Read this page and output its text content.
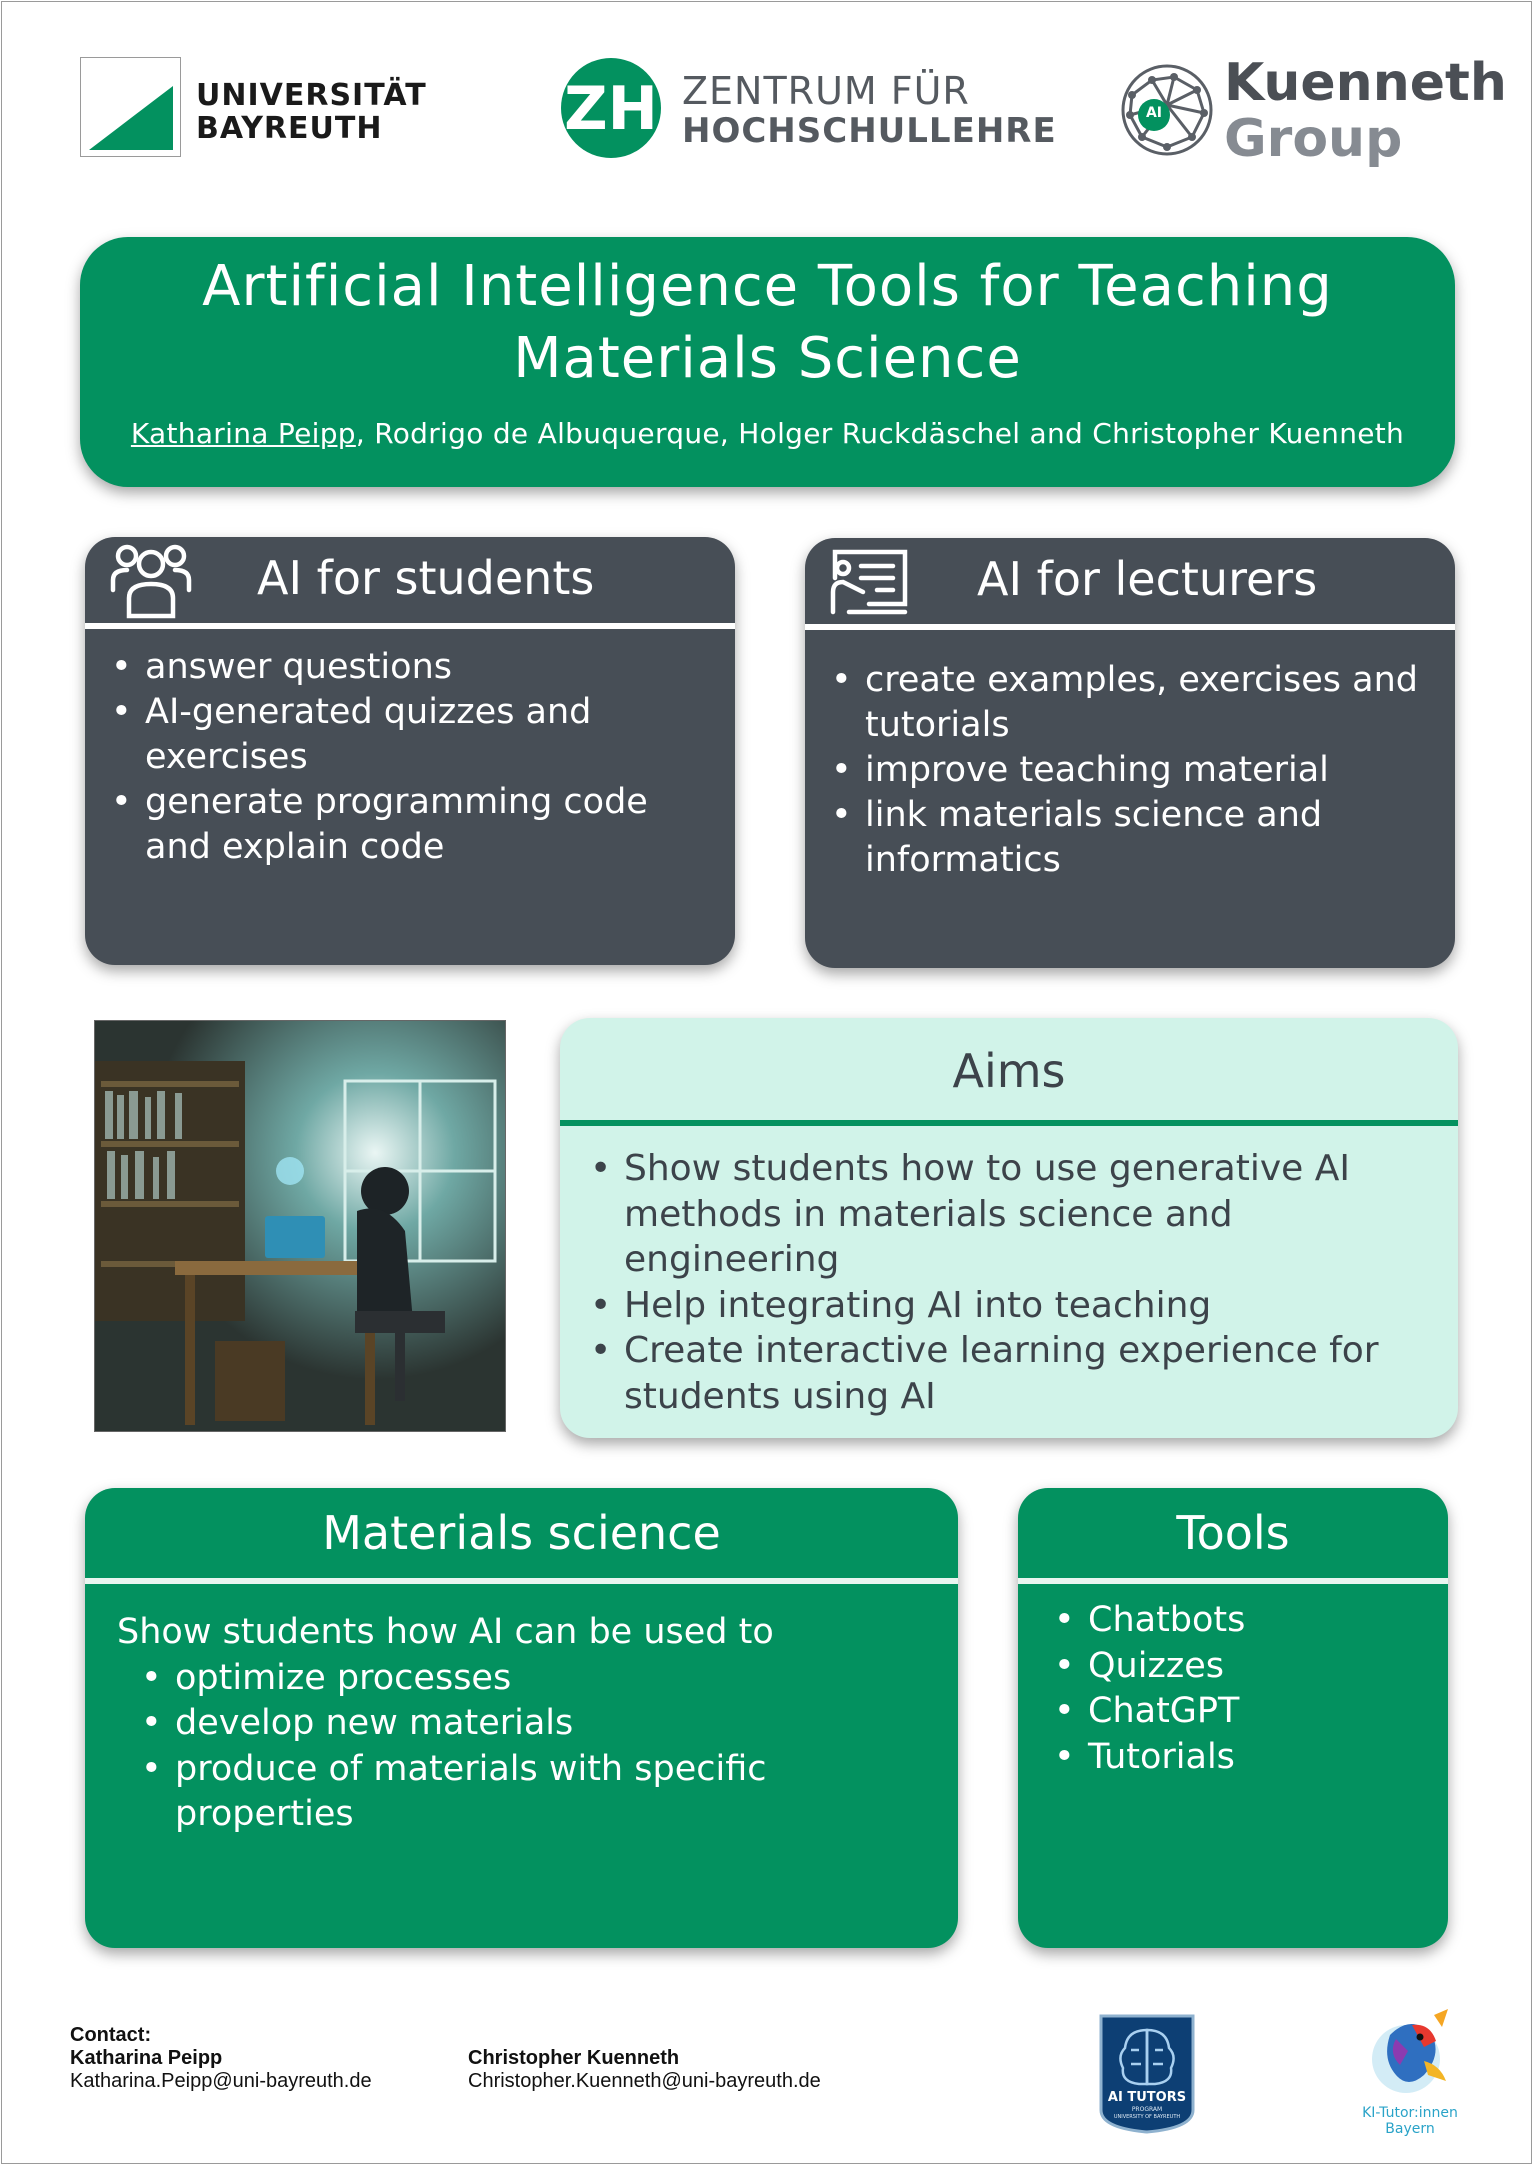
UNIVERSITÄT
BAYREUTH	ZH ZENTRUM FÜR
HOCHSCHULLEHRE	AI Kuenneth
Group
Artificial Intelligence Tools for Teaching Materials Science
Katharina Peipp, Rodrigo de Albuquerque, Holger Ruckdäschel and Christopher Kuenneth
AI for students
• answer questions
• AI-generated quizzes and exercises
• generate programming code and explain code
AI for lecturers
• create examples, exercises and tutorials
• improve teaching material
• link materials science and informatics
Aims
• Show students how to use generative AI methods in materials science and engineering
• Help integrating AI into teaching
• Create interactive learning experience for students using AI
Materials science
Show students how AI can be used to
• optimize processes
• develop new materials
• produce of materials with specific properties
Tools
• Chatbots
• Quizzes
• ChatGPT
• Tutorials
Contact:
Katharina Peipp
Katharina.Peipp@uni-bayreuth.de
Christopher Kuenneth
Christopher.Kuenneth@uni-bayreuth.de
AI TUTORS
PROGRAM
UNIVERSITY OF BAYREUTH	KI-Tutor:innen
Bayern
